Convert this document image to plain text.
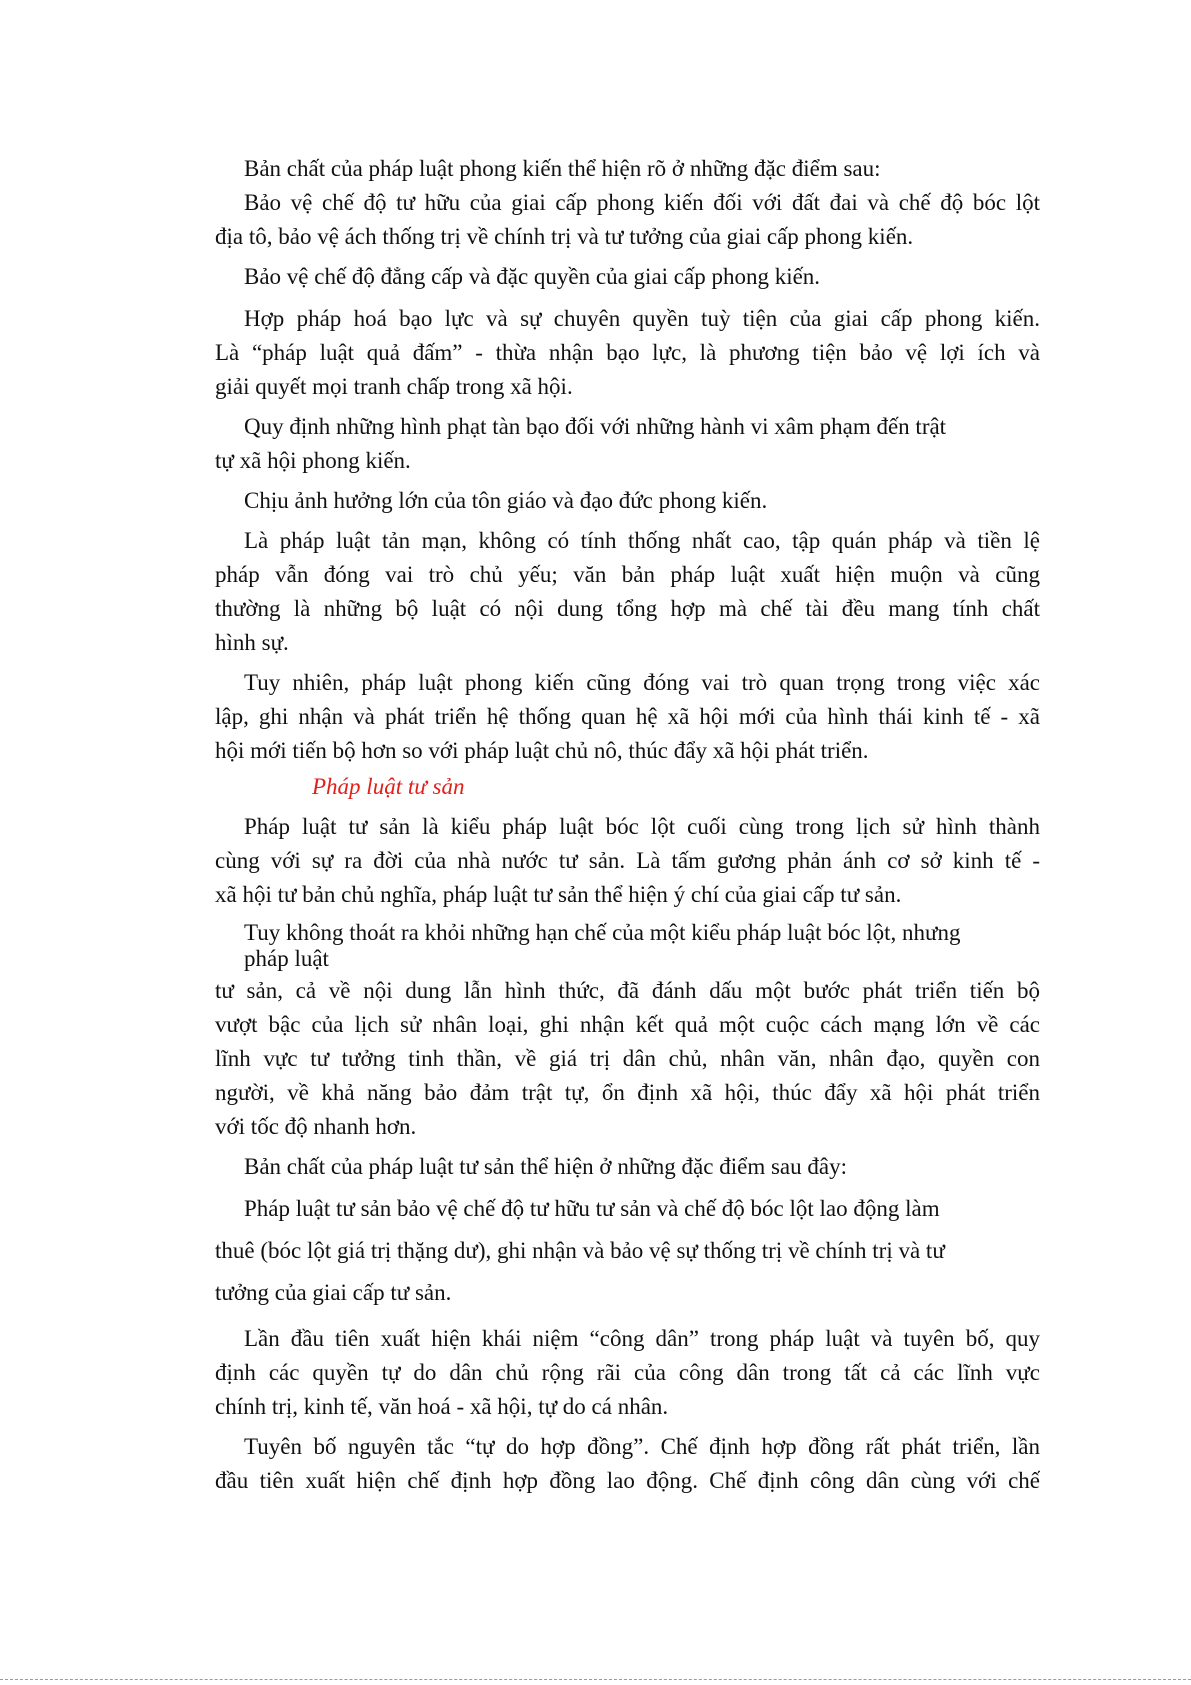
Bản chất của pháp luật phong kiến thể hiện rõ ở những đặc điểm sau:

Bảo vệ chế độ tư hữu của giai cấp phong kiến đối với đất đai và chế độ bóc lột

địa tô, bảo vệ ách thống trị về chính trị và tư tưởng của giai cấp phong kiến.

Bảo vệ chế độ đẳng cấp và đặc quyền của giai cấp phong kiến.

Hợp pháp hoá bạo lực và sự chuyên quyền tuỳ tiện của giai cấp phong kiến.

Là “pháp luật quả đấm” - thừa nhận bạo lực, là phương tiện bảo vệ lợi ích và

giải quyết mọi tranh chấp trong xã hội.

Quy định những hình phạt tàn bạo đối với những hành vi xâm phạm đến trật

tự xã hội phong kiến.

Chịu ảnh hưởng lớn của tôn giáo và đạo đức phong kiến.

Là pháp luật tản mạn, không có tính thống nhất cao, tập quán pháp và tiền lệ

pháp vẫn đóng vai trò chủ yếu; văn bản pháp luật xuất hiện muộn và cũng

thường là những bộ luật có nội dung tổng hợp mà chế tài đều mang tính chất

hình sự.

Tuy nhiên, pháp luật phong kiến cũng đóng vai trò quan trọng trong việc xác

lập, ghi nhận và phát triển hệ thống quan hệ xã hội mới của hình thái kinh tế - xã

hội mới tiến bộ hơn so với pháp luật chủ nô, thúc đẩy xã hội phát triển.

Pháp luật tư sản

Pháp luật tư sản là kiểu pháp luật bóc lột cuối cùng trong lịch sử hình thành

cùng với sự ra đời của nhà nước tư sản. Là tấm gương phản ánh cơ sở kinh tế -

xã hội tư bản chủ nghĩa, pháp luật tư sản thể hiện ý chí của giai cấp tư sản.

Tuy không thoát ra khỏi những hạn chế của một kiểu pháp luật bóc lột, nhưng

pháp luật

tư sản, cả về nội dung lẫn hình thức, đã đánh dấu một bước phát triển tiến bộ

vượt bậc của lịch sử nhân loại, ghi nhận kết quả một cuộc cách mạng lớn về các

lĩnh vực tư tưởng tinh thần, về giá trị dân chủ, nhân văn, nhân đạo, quyền con

người, về khả năng bảo đảm trật tự, ổn định xã hội, thúc đẩy xã hội phát triển

với tốc độ nhanh hơn.

Bản chất của pháp luật tư sản thể hiện ở những đặc điểm sau đây:

Pháp luật tư sản bảo vệ chế độ tư hữu tư sản và chế độ bóc lột lao động làm

thuê (bóc lột giá trị thặng dư), ghi nhận và bảo vệ sự thống trị về chính trị và tư

tưởng của giai cấp tư sản.

Lần đầu tiên xuất hiện khái niệm “công dân” trong pháp luật và tuyên bố, quy

định các quyền tự do dân chủ rộng rãi của công dân trong tất cả các lĩnh vực

chính trị, kinh tế, văn hoá - xã hội, tự do cá nhân.

Tuyên bố nguyên tắc “tự do hợp đồng”. Chế định hợp đồng rất phát triển, lần

đầu tiên xuất hiện chế định hợp đồng lao động. Chế định công dân cùng với chế
